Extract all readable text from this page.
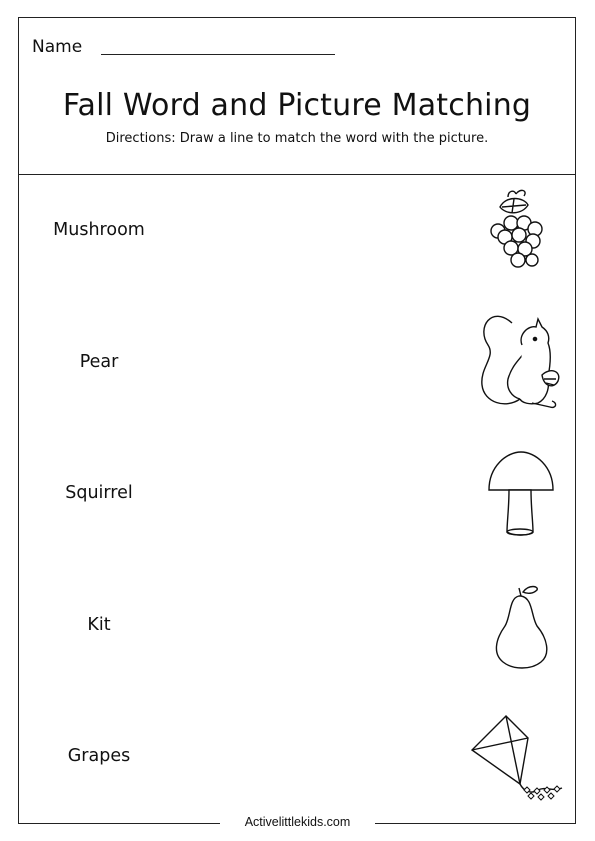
Name
Fall Word and Picture Matching
Directions: Draw a line to match the word with the picture.
Mushroom
Pear
Squirrel
Kit
Grapes
Activelittlekids.com
